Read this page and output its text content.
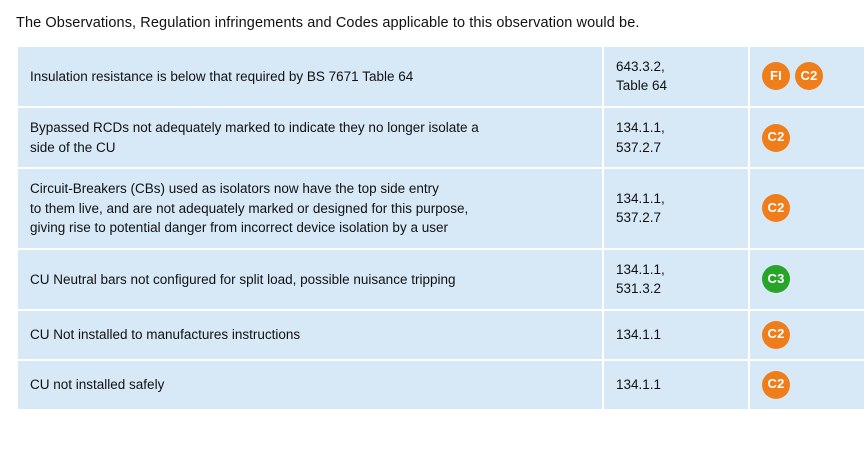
The Observations, Regulation infringements and Codes applicable to this observation would be.
Insulation resistance is below that required by BS 7671 Table 64	643.3.2,
Table 64	FI C2

Bypassed RCDs not adequately marked to indicate they no longer isolate a
side of the CU	134.1.1,
537.2.7	C2

Circuit-Breakers (CBs) used as isolators now have the top side entry
to them live, and are not adequately marked or designed for this purpose,
giving rise to potential danger from incorrect device isolation by a user	134.1.1,
537.2.7	C2

CU Neutral bars not configured for split load, possible nuisance tripping	134.1.1,
531.3.2	C3

CU Not installed to manufactures instructions	134.1.1	C2

CU not installed safely	134.1.1	C2
